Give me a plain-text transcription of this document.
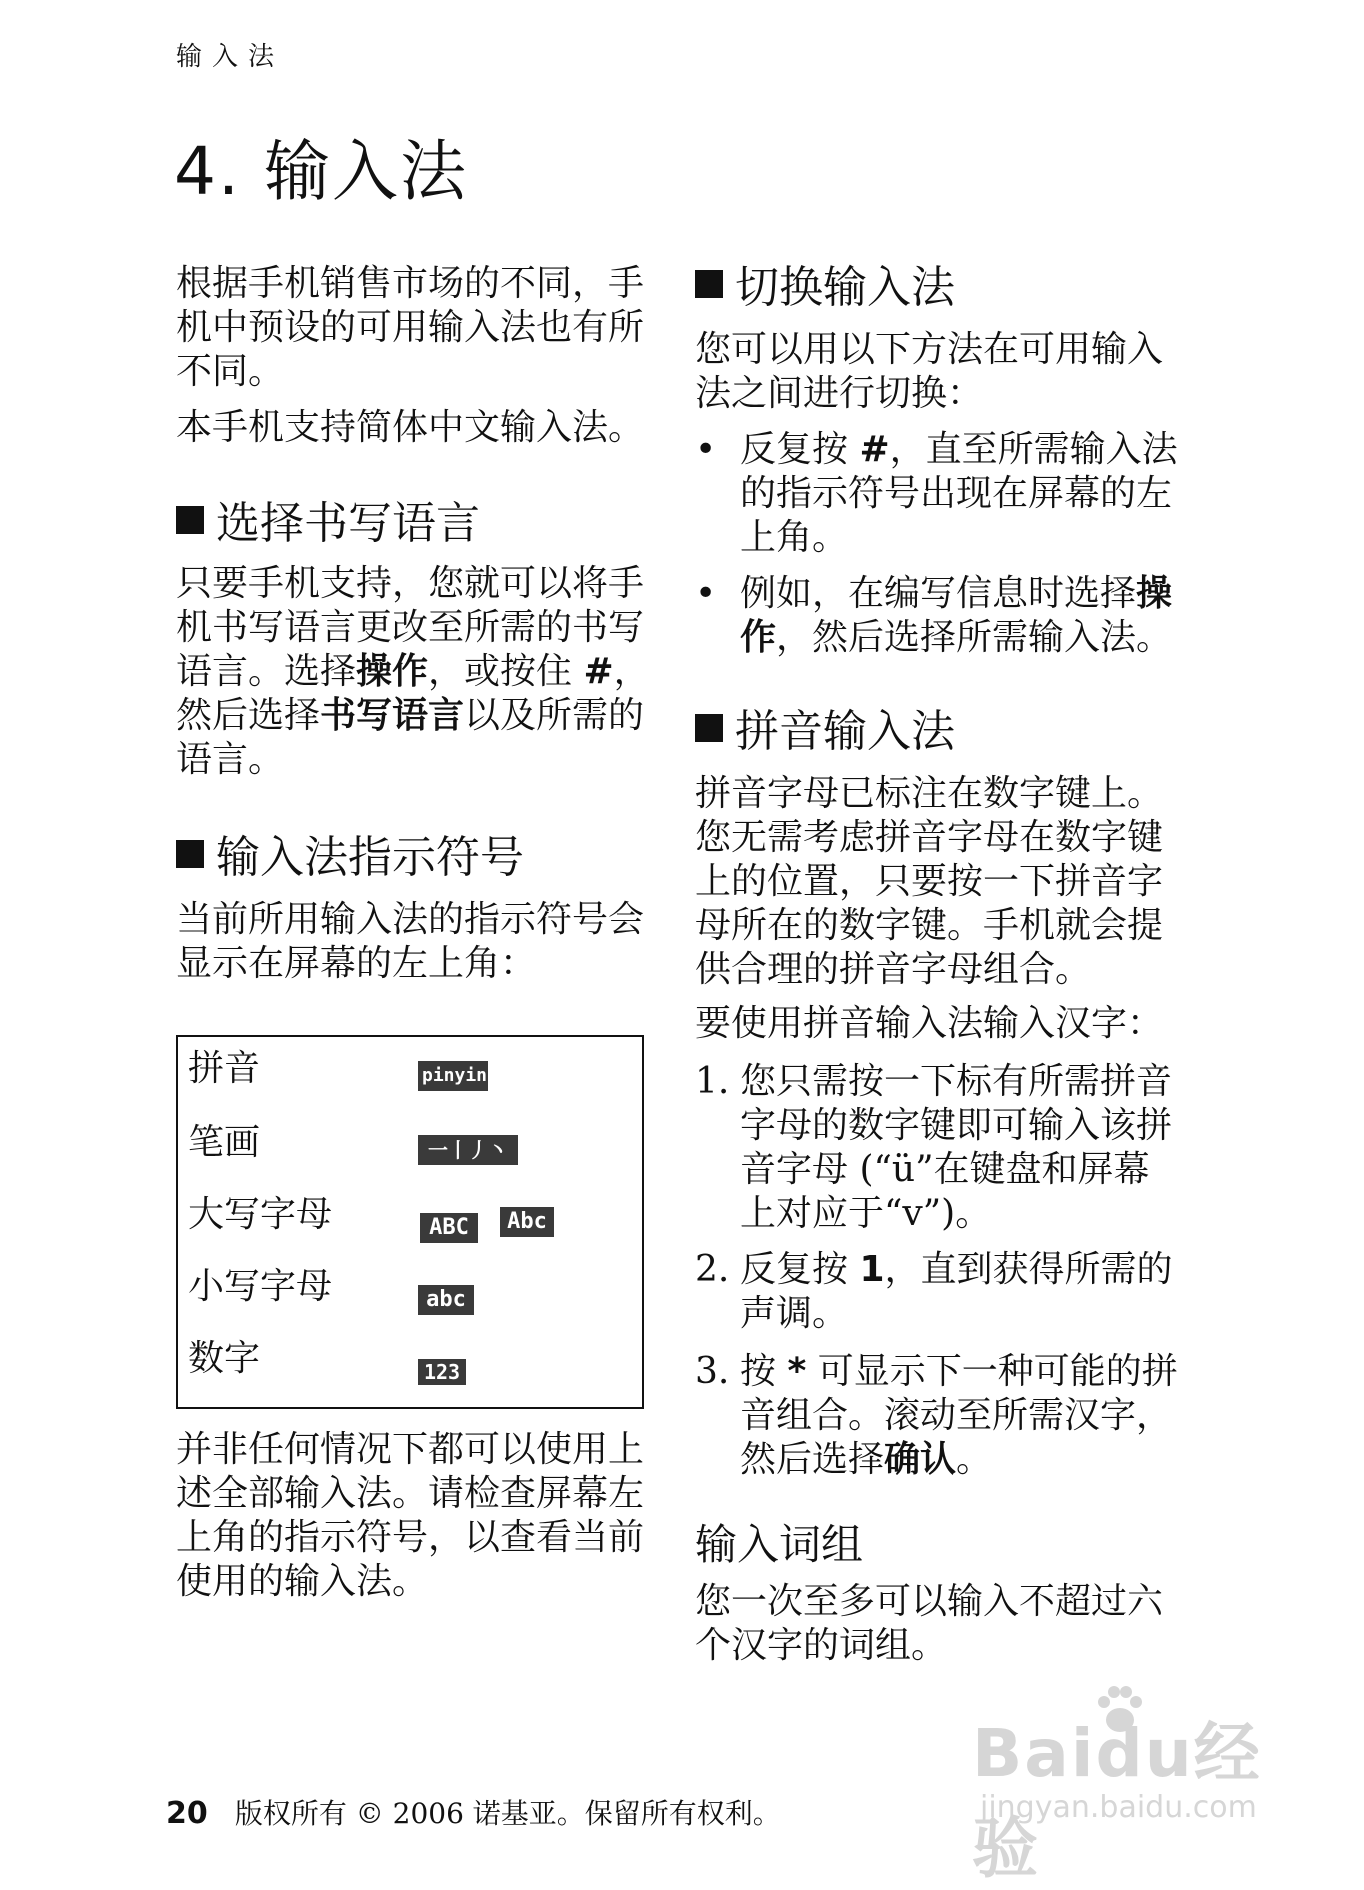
输入法
4. 输入法

根据手机销售市场的不同，手机中预设的可用输入法也有所不同。

本手机支持简体中文输入法。

选择书写语言

只要手机支持，您就可以将手机书写语言更改至所需的书写语言。选择操作，或按住 #，然后选择书写语言以及所需的语言。

输入法指示符号

当前所用输入法的指示符号会显示在屏幕的左上角：

并非任何情况下都可以使用上述全部输入法。请检查屏幕左上角的指示符号，以查看当前使用的输入法。

拼音	pinyin
笔画	一丨丿丶ㄱ
大写字母	ABC	Abc
小写字母	abc
数字	123
切换输入法

您可以用以下方法在可用输入法之间进行切换：

• 反复按 #，直至所需输入法的指示符号出现在屏幕的左上角。
• 例如，在编写信息时选择操作，然后选择所需输入法。
拼音输入法

拼音字母已标注在数字键上。您无需考虑拼音字母在数字键上的位置，只要按一下拼音字母所在的数字键。手机就会提供合理的拼音字母组合。

要使用拼音输入法输入汉字：

1. 您只需按一下标有所需拼音字母的数字键即可输入该拼音字母 (“ü”在键盘和屏幕上对应于“v”)。
2. 反复按 1，直到获得所需的声调。
3. 按 * 可显示下一种可能的拼音组合。滚动至所需汉字，然后选择确认。
输入词组

您一次至多可以输入不超过六个汉字的词组。

20 版权所有 © 2006 诺基亚。保留所有权利。
Baidu经验
jingyan.baidu.com
